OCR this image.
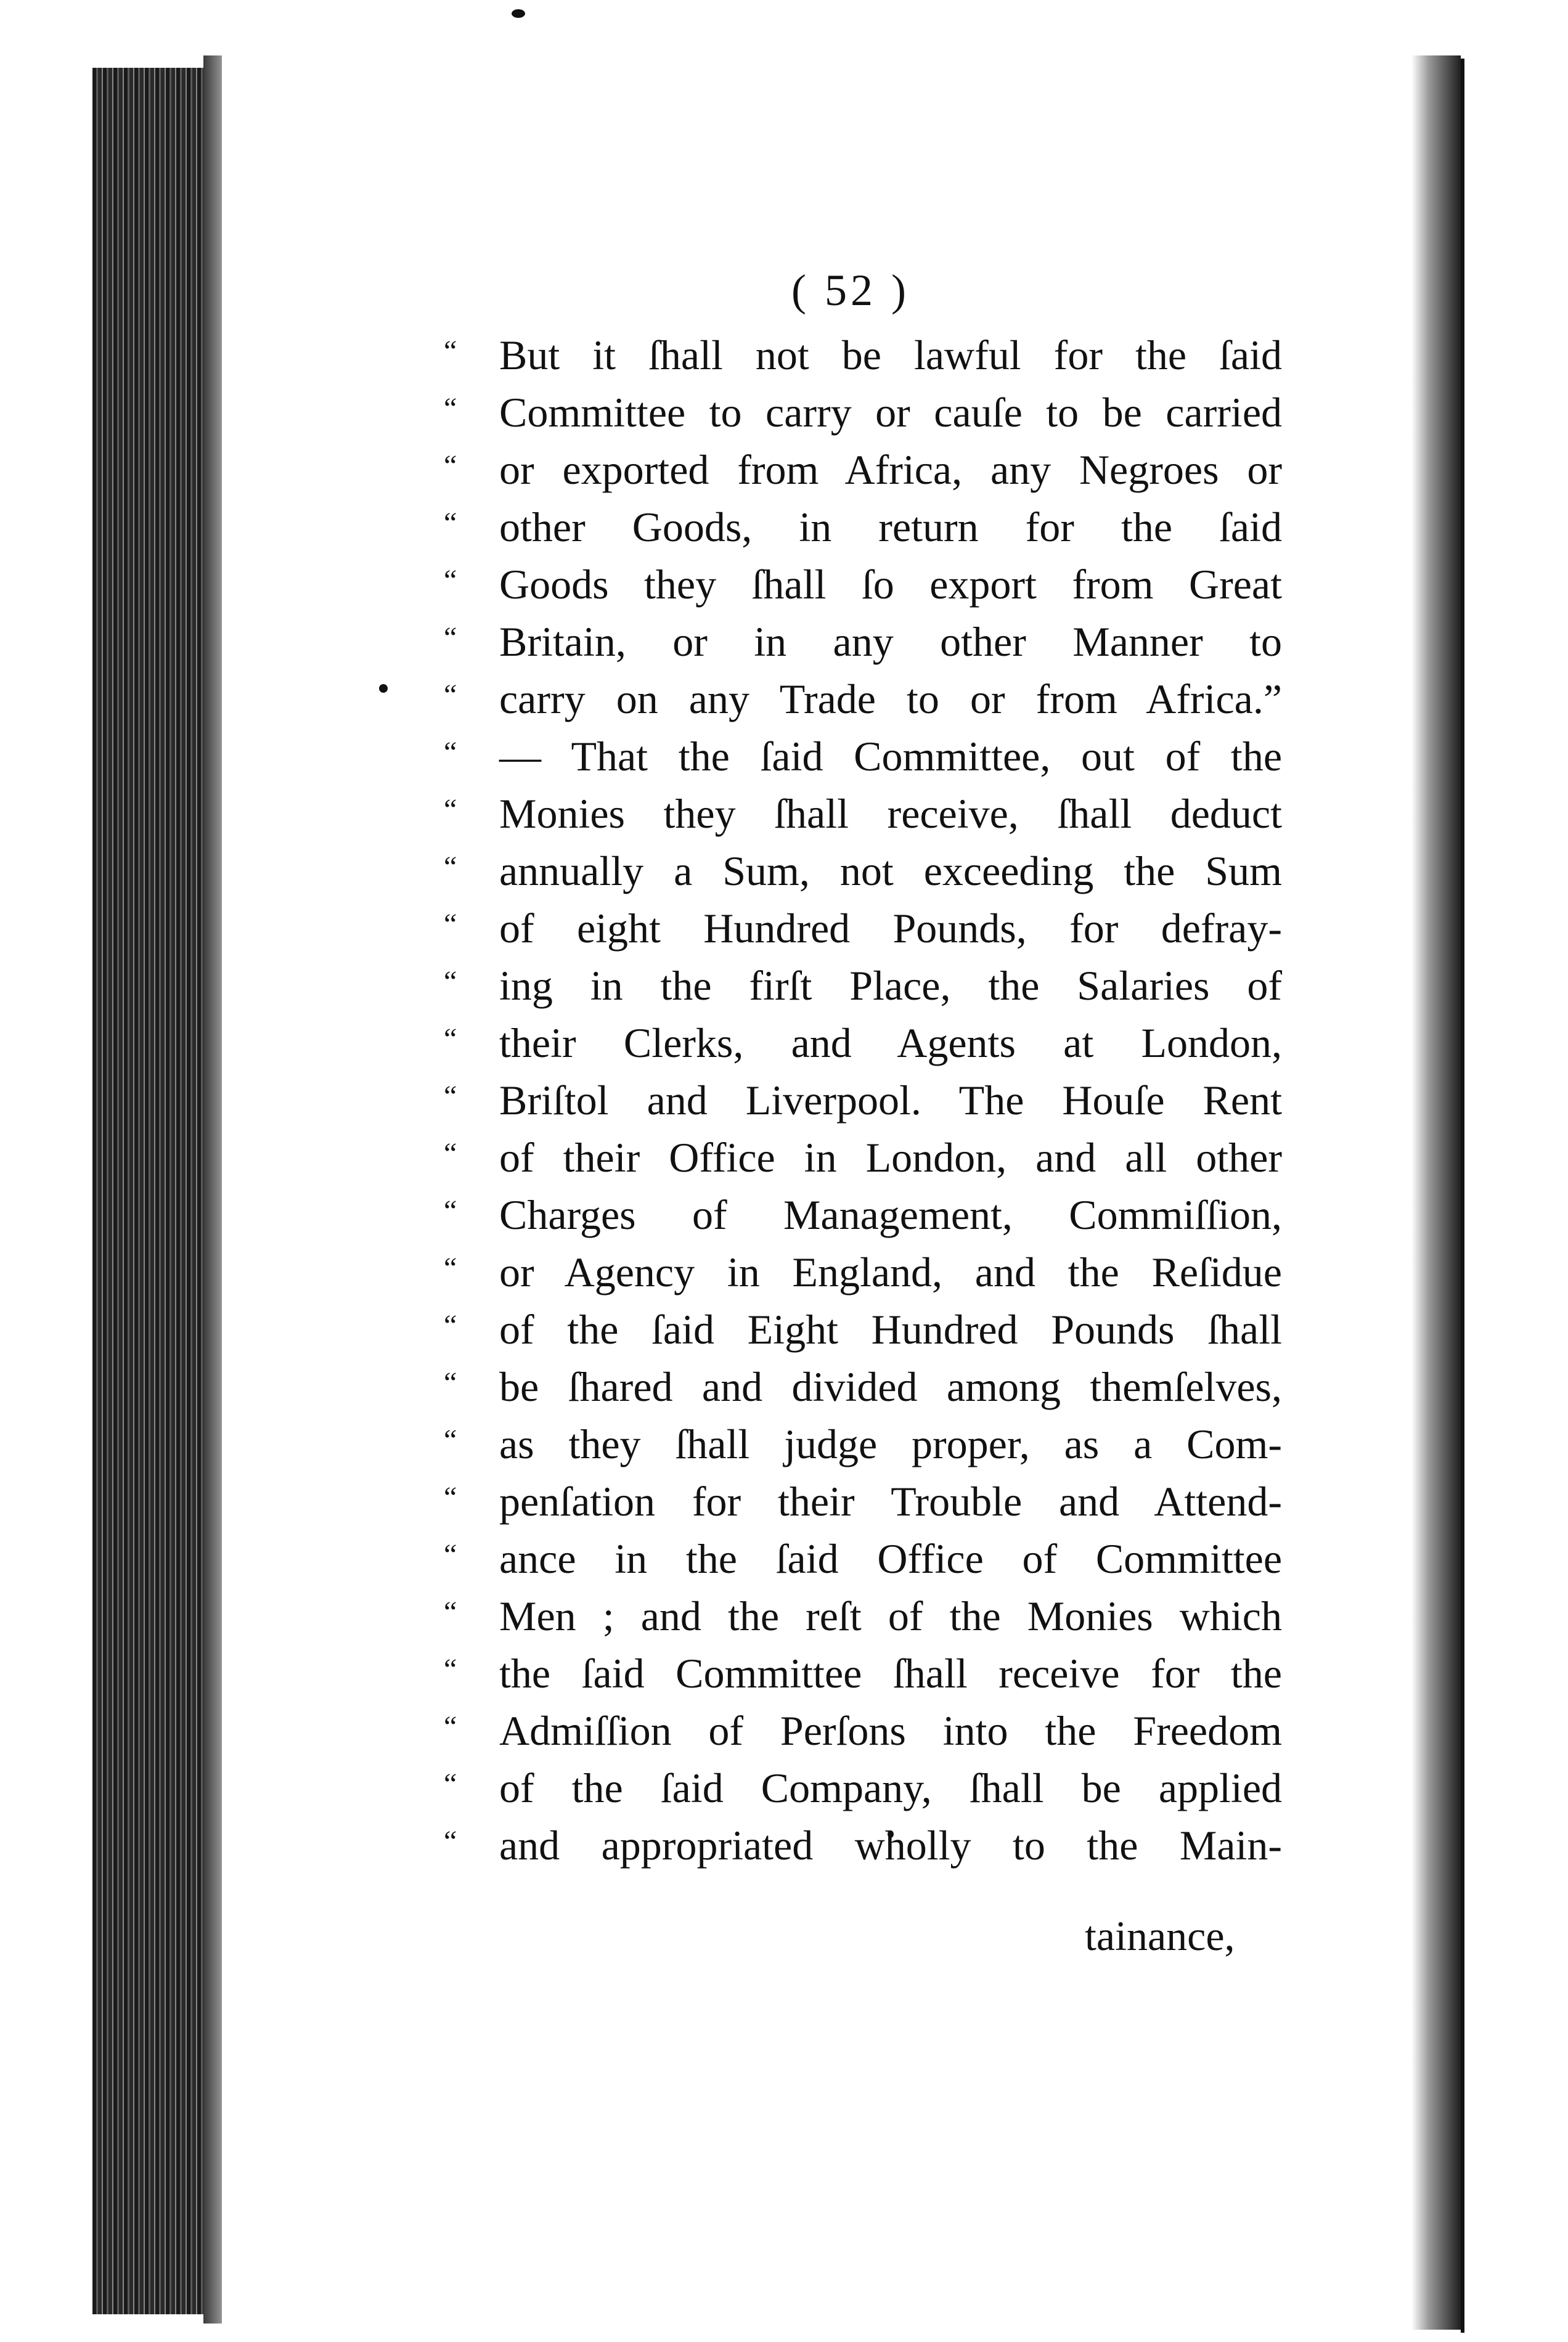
( 52 )
“	But it ſhall not be lawful for the ſaid
“	Committee to carry or cauſe to be carried
“	or exported from Africa, any Negroes or
“	other Goods, in return for the ſaid
“	Goods they ſhall ſo export from Great
“	Britain, or in any other Manner to
“	carry on any Trade to or from Africa.”
“	— That the ſaid Committee, out of the
“	Monies they ſhall receive, ſhall deduct
“	annually a Sum, not exceeding the Sum
“	of eight Hundred Pounds, for defray-
“	ing in the firſt Place, the Salaries of
“	their Clerks, and Agents at London,
“	Briſtol and Liverpool. The Houſe Rent
“	of their Office in London, and all other
“	Charges of Management, Commiſſion,
“	or Agency in England, and the Reſidue
“	of the ſaid Eight Hundred Pounds ſhall
“	be ſhared and divided among themſelves,
“	as they ſhall judge proper, as a Com-
“	penſation for their Trouble and Attend-
“	ance in the ſaid Office of Committee
“	Men ; and the reſt of the Monies which
“	the ſaid Committee ſhall receive for the
“	Admiſſion of Perſons into the Freedom
“	of the ſaid Company, ſhall be applied
“	and appropriated wholly to the Main-
tainance,
